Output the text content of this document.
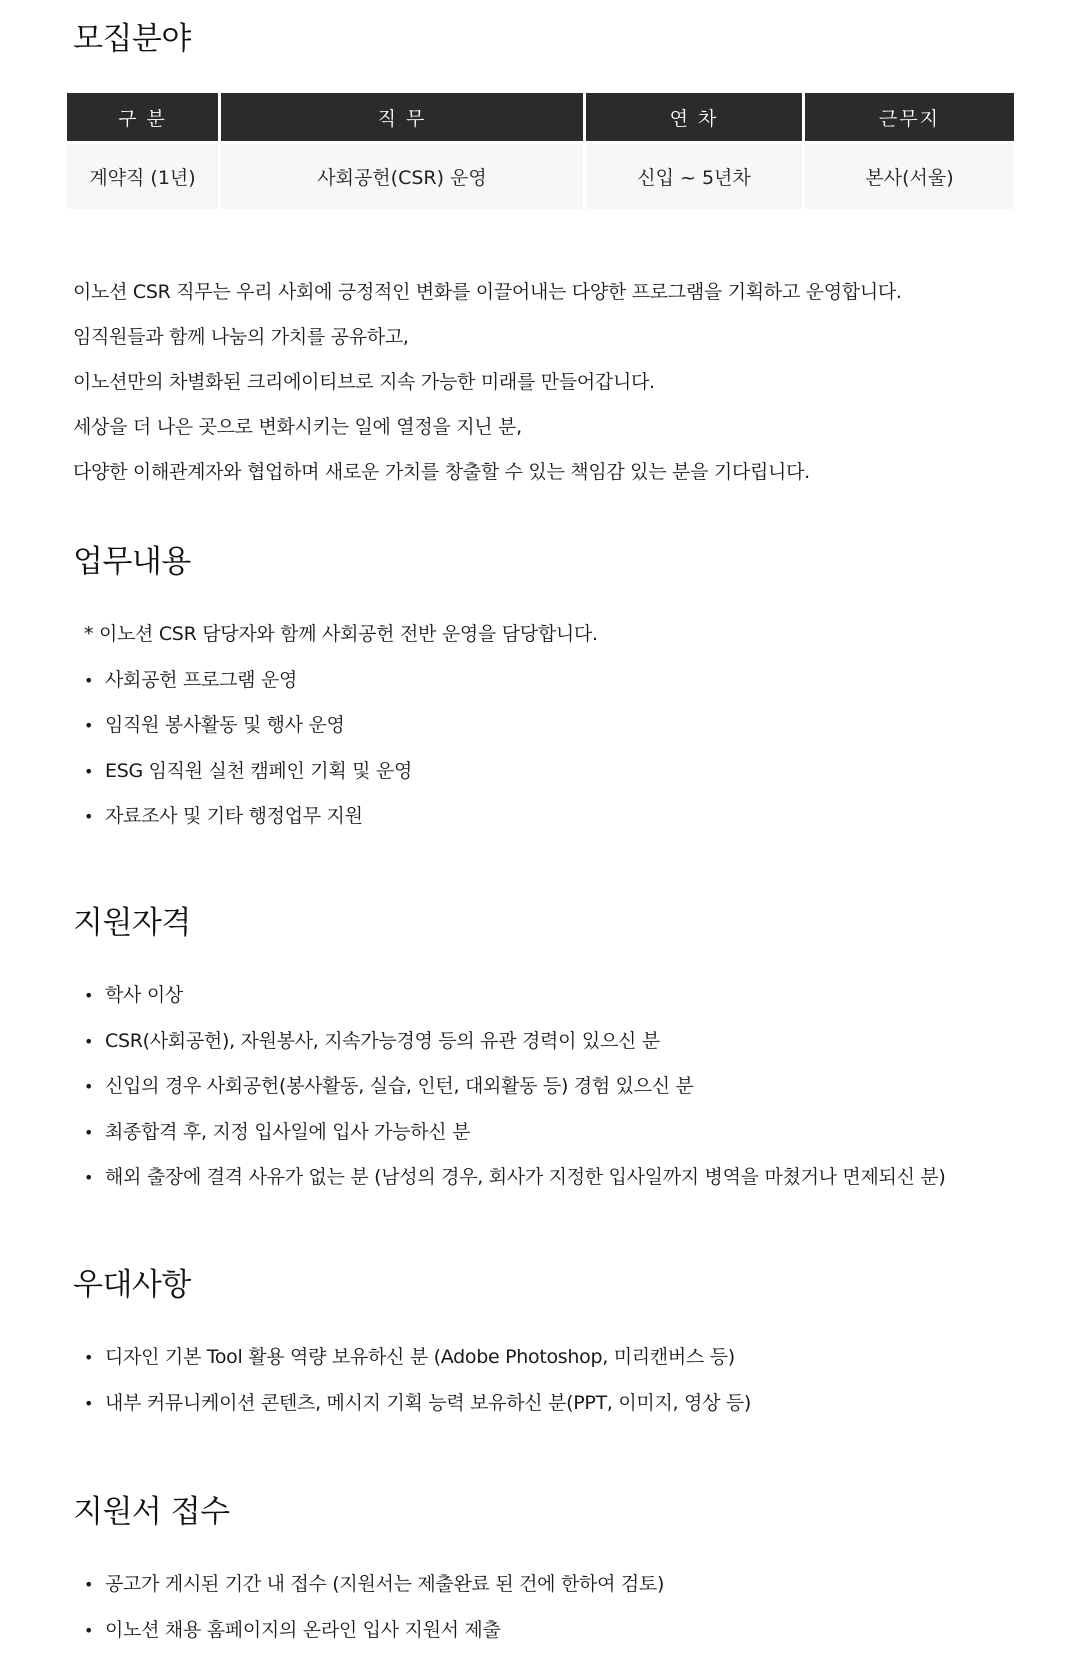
모집분야
구 분	직 무	연 차	근무지
계약직 (1년)	사회공헌(CSR) 운영	신입 ~ 5년차	본사(서울)
이노션 CSR 직무는 우리 사회에 긍정적인 변화를 이끌어내는 다양한 프로그램을 기획하고 운영합니다.
임직원들과 함께 나눔의 가치를 공유하고,
이노션만의 차별화된 크리에이티브로 지속 가능한 미래를 만들어갑니다.
세상을 더 나은 곳으로 변화시키는 일에 열정을 지닌 분,
다양한 이해관계자와 협업하며 새로운 가치를 창출할 수 있는 책임감 있는 분을 기다립니다.
업무내용
* 이노션 CSR 담당자와 함께 사회공헌 전반 운영을 담당합니다.
• 사회공헌 프로그램 운영
• 임직원 봉사활동 및 행사 운영
• ESG 임직원 실천 캠페인 기획 및 운영
• 자료조사 및 기타 행정업무 지원
지원자격
• 학사 이상
• CSR(사회공헌), 자원봉사, 지속가능경영 등의 유관 경력이 있으신 분
• 신입의 경우 사회공헌(봉사활동, 실습, 인턴, 대외활동 등) 경험 있으신 분
• 최종합격 후, 지정 입사일에 입사 가능하신 분
• 해외 출장에 결격 사유가 없는 분 (남성의 경우, 회사가 지정한 입사일까지 병역을 마쳤거나 면제되신 분)
우대사항
• 디자인 기본 Tool 활용 역량 보유하신 분 (Adobe Photoshop, 미리캔버스 등)
• 내부 커뮤니케이션 콘텐츠, 메시지 기획 능력 보유하신 분(PPT, 이미지, 영상 등)
지원서 접수
• 공고가 게시된 기간 내 접수 (지원서는 제출완료 된 건에 한하여 검토)
• 이노션 채용 홈페이지의 온라인 입사 지원서 제출
